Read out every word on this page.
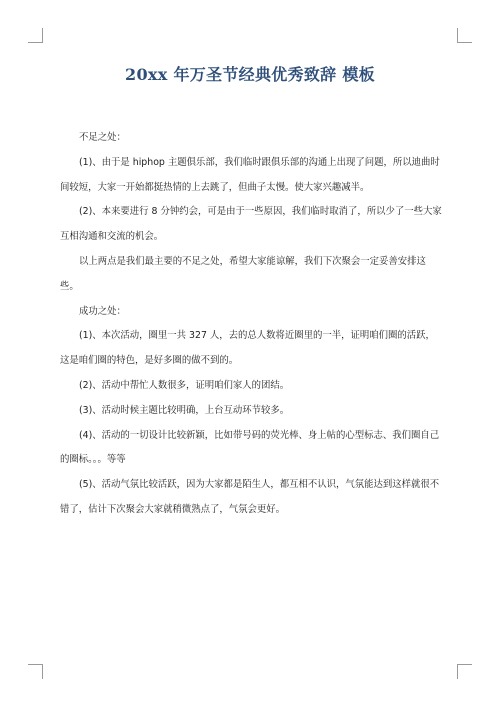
20xx 年万圣节经典优秀致辞 模板

不足之处：

(1)、由于是 hiphop 主题俱乐部，我们临时跟俱乐部的沟通上出现了问题，所以迪曲时间较短，大家一开始都挺热情的上去跳了，但曲子太慢。使大家兴趣减半。

(2)、本来要进行 8 分钟约会，可是由于一些原因，我们临时取消了，所以少了一些大家互相沟通和交流的机会。

以上两点是我们最主要的不足之处，希望大家能谅解，我们下次聚会一定妥善安排这些。

成功之处：

(1)、本次活动，圈里一共 327 人，去的总人数将近圈里的一半，证明咱们圈的活跃，这是咱们圈的特色，是好多圈的做不到的。

(2)、活动中帮忙人数很多，证明咱们家人的团结。

(3)、活动时候主题比较明确，上台互动环节较多。

(4)、活动的一切设计比较新颖，比如带号码的荧光棒、身上帖的心型标志、我们圈自己的圈标。。。等等

(5)、活动气氛比较活跃，因为大家都是陌生人，都互相不认识，气氛能达到这样就很不错了，估计下次聚会大家就稍微熟点了，气氛会更好。
